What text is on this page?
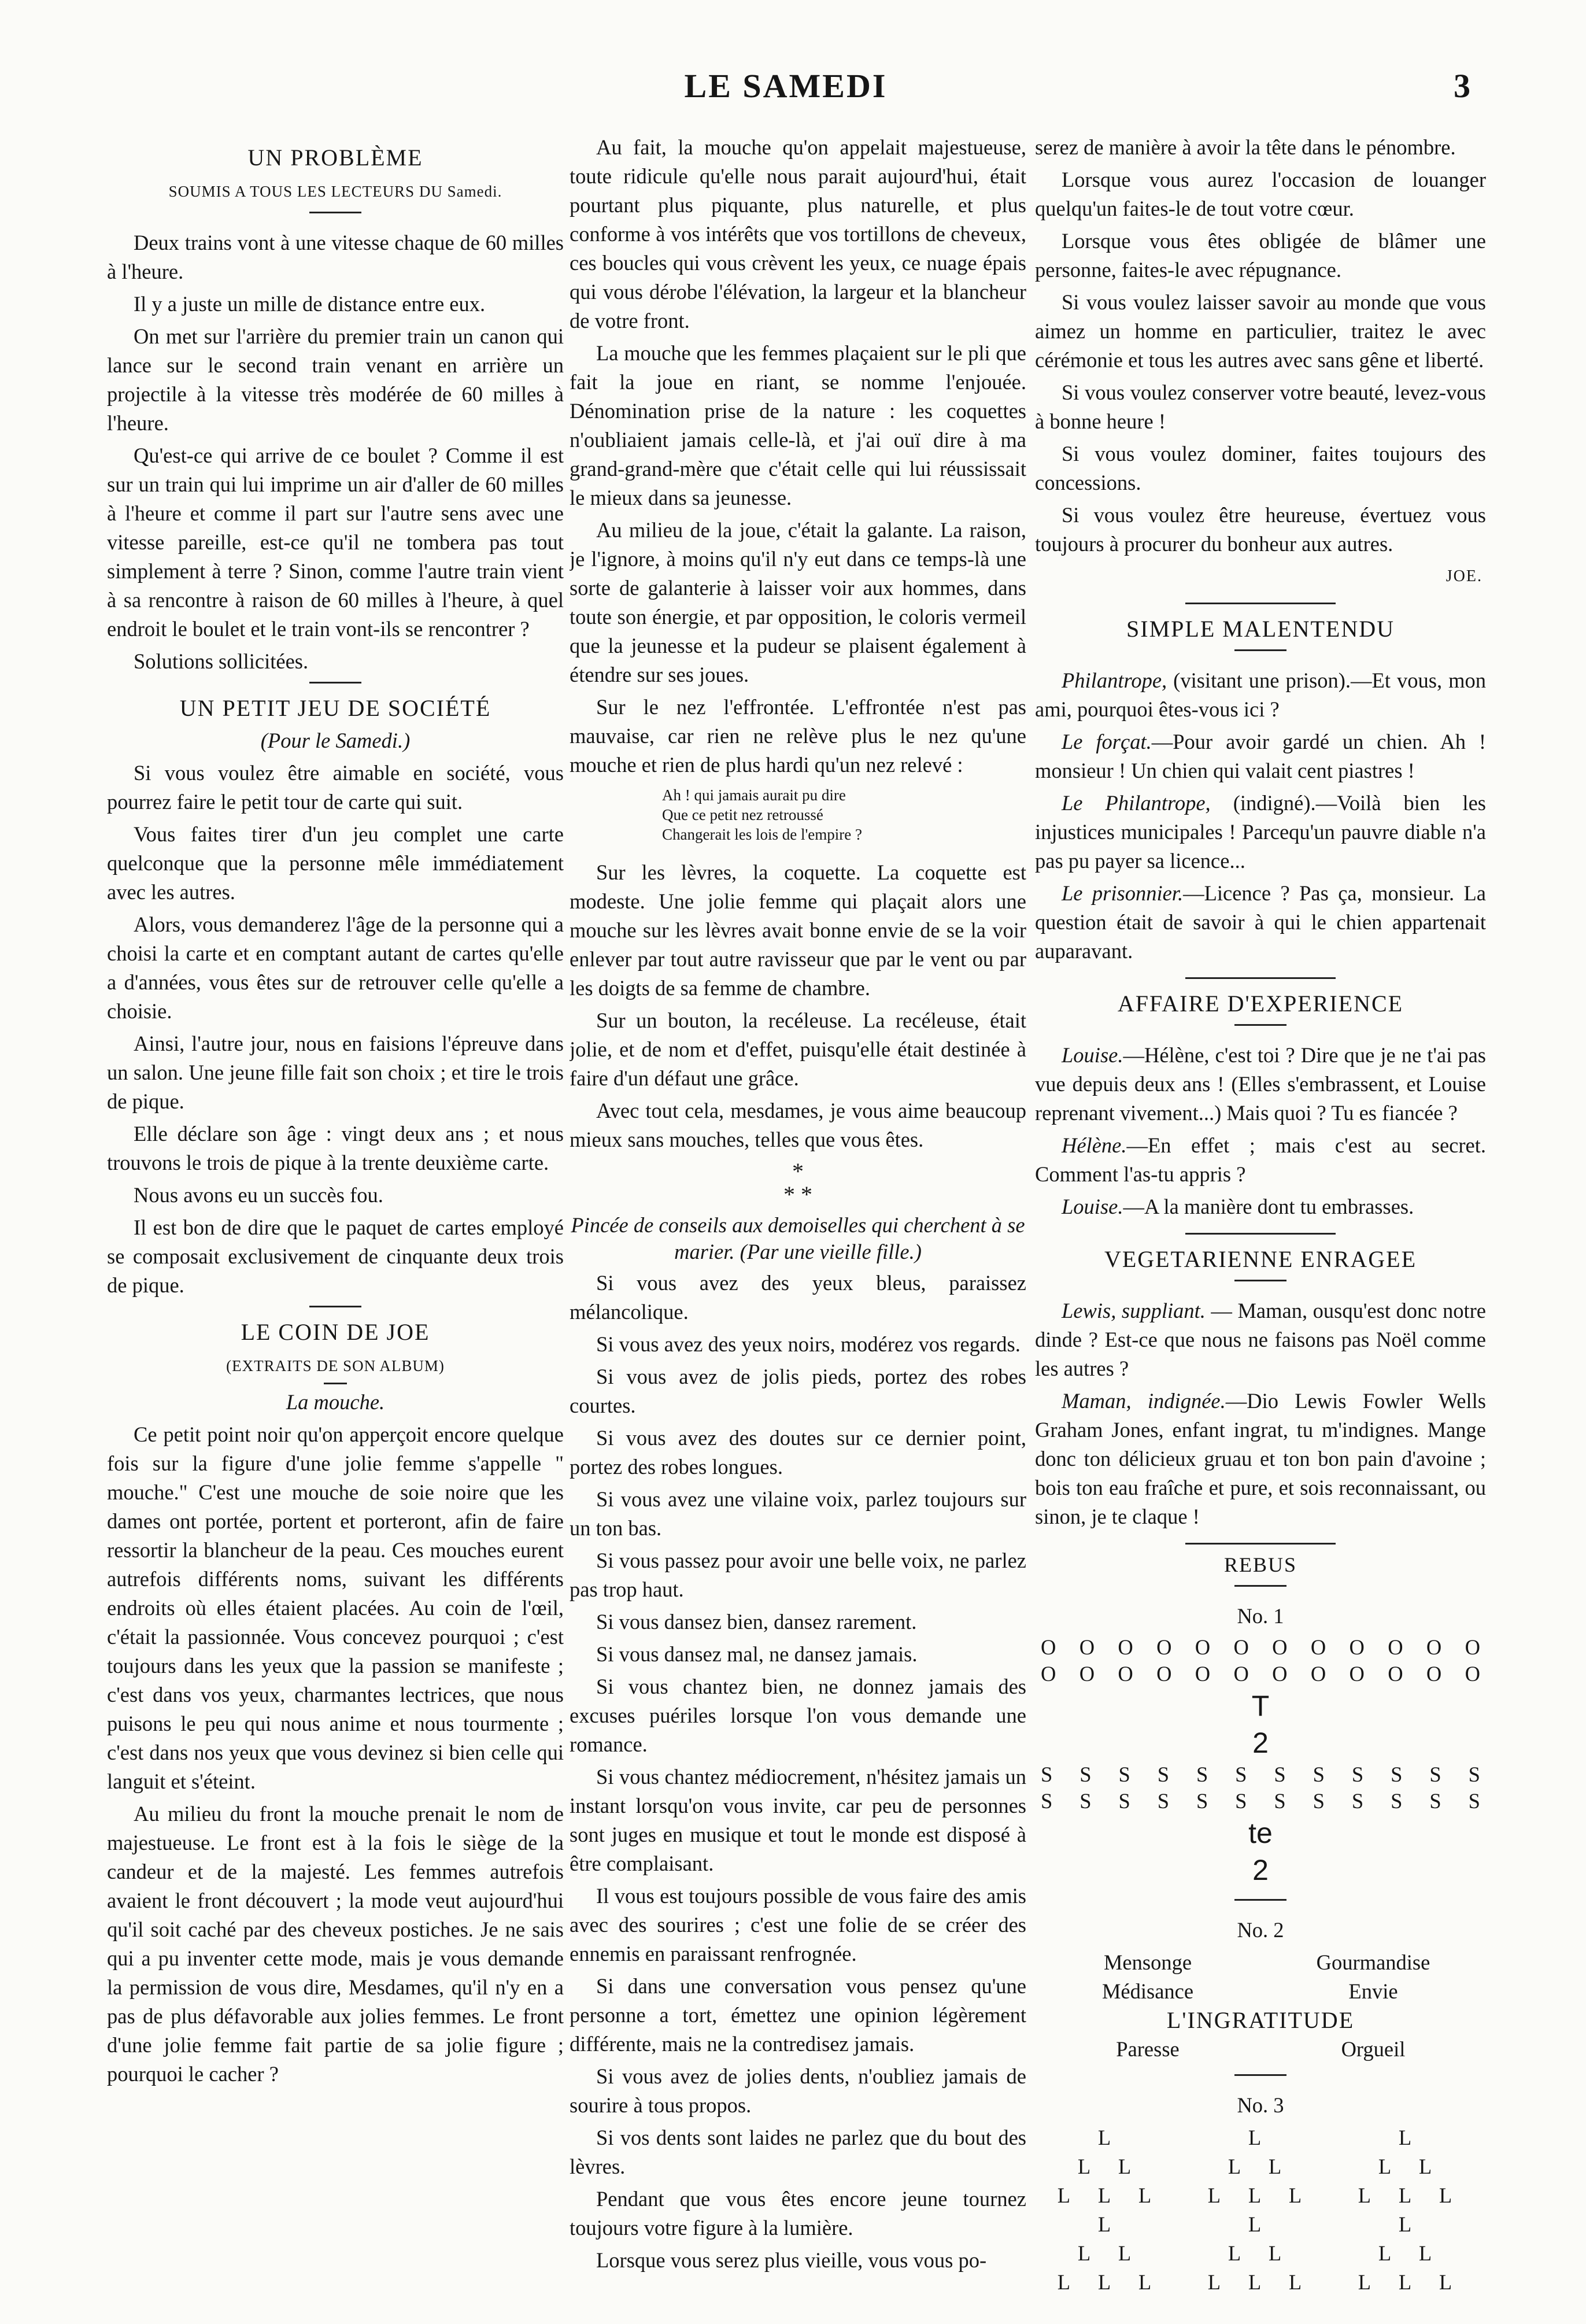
LE SAMEDI	3
UN PROBLÈME
SOUMIS A TOUS LES LECTEURS DU Samedi.

Deux trains vont à une vitesse chaque de 60 milles à l'heure.

Il y a juste un mille de distance entre eux.

On met sur l'arrière du premier train un canon qui lance sur le second train venant en arrière un projectile à la vitesse très modérée de 60 milles à l'heure.

Qu'est-ce qui arrive de ce boulet ? Comme il est sur un train qui lui imprime un air d'aller de 60 milles à l'heure et comme il part sur l'autre sens avec une vitesse pareille, est-ce qu'il ne tombera pas tout simplement à terre ? Sinon, comme l'autre train vient à sa rencontre à raison de 60 milles à l'heure, à quel endroit le boulet et le train vont-ils se rencontrer ?

Solutions sollicitées.

UN PETIT JEU DE SOCIÉTÉ
(Pour le Samedi.)

Si vous voulez être aimable en société, vous pourrez faire le petit tour de carte qui suit.

Vous faites tirer d'un jeu complet une carte quelconque que la personne mêle immédiatement avec les autres.

Alors, vous demanderez l'âge de la personne qui a choisi la carte et en comptant autant de cartes qu'elle a d'années, vous êtes sur de retrouver celle qu'elle a choisie.

Ainsi, l'autre jour, nous en faisions l'épreuve dans un salon. Une jeune fille fait son choix ; et tire le trois de pique.

Elle déclare son âge : vingt deux ans ; et nous trouvons le trois de pique à la trente deuxième carte.

Nous avons eu un succès fou.

Il est bon de dire que le paquet de cartes employé se composait exclusivement de cinquante deux trois de pique.

LE COIN DE JOE
(EXTRAITS DE SON ALBUM)
La mouche.

Ce petit point noir qu'on apperçoit encore quelque fois sur la figure d'une jolie femme s'appelle " mouche." C'est une mouche de soie noire que les dames ont portée, portent et porteront, afin de faire ressortir la blancheur de la peau. Ces mouches eurent autrefois différents noms, suivant les différents endroits où elles étaient placées. Au coin de l'œil, c'était la passionnée. Vous concevez pourquoi ; c'est toujours dans les yeux que la passion se manifeste ; c'est dans vos yeux, charmantes lectrices, que nous puisons le peu qui nous anime et nous tourmente ; c'est dans nos yeux que vous devinez si bien celle qui languit et s'éteint.

Au milieu du front la mouche prenait le nom de majestueuse. Le front est à la fois le siège de la candeur et de la majesté. Les femmes autrefois avaient le front découvert ; la mode veut aujourd'hui qu'il soit caché par des cheveux postiches. Je ne sais qui a pu inventer cette mode, mais je vous demande la permission de vous dire, Mesdames, qu'il n'y en a pas de plus défavorable aux jolies femmes. Le front d'une jolie femme fait partie de sa jolie figure ; pourquoi le cacher ?

Au fait, la mouche qu'on appelait majestueuse, toute ridicule qu'elle nous parait aujourd'hui, était pourtant plus piquante, plus naturelle, et plus conforme à vos intérêts que vos tortillons de cheveux, ces boucles qui vous crèvent les yeux, ce nuage épais qui vous dérobe l'élévation, la largeur et la blancheur de votre front.

La mouche que les femmes plaçaient sur le pli que fait la joue en riant, se nomme l'enjouée. Dénomination prise de la nature : les coquettes n'oubliaient jamais celle-là, et j'ai ouï dire à ma grand-grand-mère que c'était celle qui lui réussissait le mieux dans sa jeunesse.

Au milieu de la joue, c'était la galante. La raison, je l'ignore, à moins qu'il n'y eut dans ce temps-là une sorte de galanterie à laisser voir aux hommes, dans toute son énergie, et par opposition, le coloris vermeil que la jeunesse et la pudeur se plaisent également à étendre sur ses joues.

Sur le nez l'effrontée. L'effrontée n'est pas mauvaise, car rien ne relève plus le nez qu'une mouche et rien de plus hardi qu'un nez relevé :

Ah ! qui jamais aurait pu dire
Que ce petit nez retroussé
Changerait les lois de l'empire ?

Sur les lèvres, la coquette. La coquette est modeste. Une jolie femme qui plaçait alors une mouche sur les lèvres avait bonne envie de se la voir enlever par tout autre ravisseur que par le vent ou par les doigts de sa femme de chambre.

Sur un bouton, la recéleuse. La recéleuse, était jolie, et de nom et d'effet, puisqu'elle était destinée à faire d'un défaut une grâce.

Avec tout cela, mesdames, je vous aime beaucoup mieux sans mouches, telles que vous êtes.

*
* *
Pincée de conseils aux demoiselles qui cherchent à se marier. (Par une vieille fille.)

Si vous avez des yeux bleus, paraissez mélancolique.

Si vous avez des yeux noirs, modérez vos regards.

Si vous avez de jolis pieds, portez des robes courtes.

Si vous avez des doutes sur ce dernier point, portez des robes longues.

Si vous avez une vilaine voix, parlez toujours sur un ton bas.

Si vous passez pour avoir une belle voix, ne parlez pas trop haut.

Si vous dansez bien, dansez rarement.

Si vous dansez mal, ne dansez jamais.

Si vous chantez bien, ne donnez jamais des excuses puériles lorsque l'on vous demande une romance.

Si vous chantez médiocrement, n'hésitez jamais un instant lorsqu'on vous invite, car peu de personnes sont juges en musique et tout le monde est disposé à être complaisant.

Il vous est toujours possible de vous faire des amis avec des sourires ; c'est une folie de se créer des ennemis en paraissant renfrognée.

Si dans une conversation vous pensez qu'une personne a tort, émettez une opinion légèrement différente, mais ne la contredisez jamais.

Si vous avez de jolies dents, n'oubliez jamais de sourire à tous propos.

Si vos dents sont laides ne parlez que du bout des lèvres.

Pendant que vous êtes encore jeune tournez toujours votre figure à la lumière.

Lorsque vous serez plus vieille, vous vous po-

serez de manière à avoir la tête dans le pénombre.

Lorsque vous aurez l'occasion de louanger quelqu'un faites-le de tout votre cœur.

Lorsque vous êtes obligée de blâmer une personne, faites-le avec répugnance.

Si vous voulez laisser savoir au monde que vous aimez un homme en particulier, traitez le avec cérémonie et tous les autres avec sans gêne et liberté.

Si vous voulez conserver votre beauté, levez-vous à bonne heure !

Si vous voulez dominer, faites toujours des concessions.

Si vous voulez être heureuse, évertuez vous toujours à procurer du bonheur aux autres.

JOE.
SIMPLE MALENTENDU

Philantrope, (visitant une prison).—Et vous, mon ami, pourquoi êtes-vous ici ?

Le forçat.—Pour avoir gardé un chien. Ah ! monsieur ! Un chien qui valait cent piastres !

Le Philantrope, (indigné).—Voilà bien les injustices municipales ! Parcequ'un pauvre diable n'a pas pu payer sa licence...

Le prisonnier.—Licence ? Pas ça, monsieur. La question était de savoir à qui le chien appartenait auparavant.

AFFAIRE D'EXPERIENCE

Louise.—Hélène, c'est toi ? Dire que je ne t'ai pas vue depuis deux ans ! (Elles s'embrassent, et Louise reprenant vivement...) Mais quoi ? Tu es fiancée ?

Hélène.—En effet ; mais c'est au secret. Comment l'as-tu appris ?

Louise.—A la manière dont tu embrasses.

VEGETARIENNE ENRAGEE

Lewis, suppliant. — Maman, ousqu'est donc notre dinde ? Est-ce que nous ne faisons pas Noël comme les autres ?

Maman, indignée.—Dio Lewis Fowler Wells Graham Jones, enfant ingrat, tu m'indignes. Mange donc ton délicieux gruau et ton bon pain d'avoine ; bois ton eau fraîche et pure, et sois reconnaissant, ou sinon, je te claque !

REBUS
No. 1
O O O O O O O O O O O O
O O O O O O O O O O O O
T
2
S S S S S S S S S S S S
S S S S S S S S S S S S
te
2
No. 2
Mensonge	Gourmandise
Médisance	Envie
L'INGRATITUDE
Paresse	Orgueil
No. 3
L
L L
L L L
L
L L
L L L
L
L L
L L L
L
L L
L L L
L
L L
L L L
L
L L
L L L
